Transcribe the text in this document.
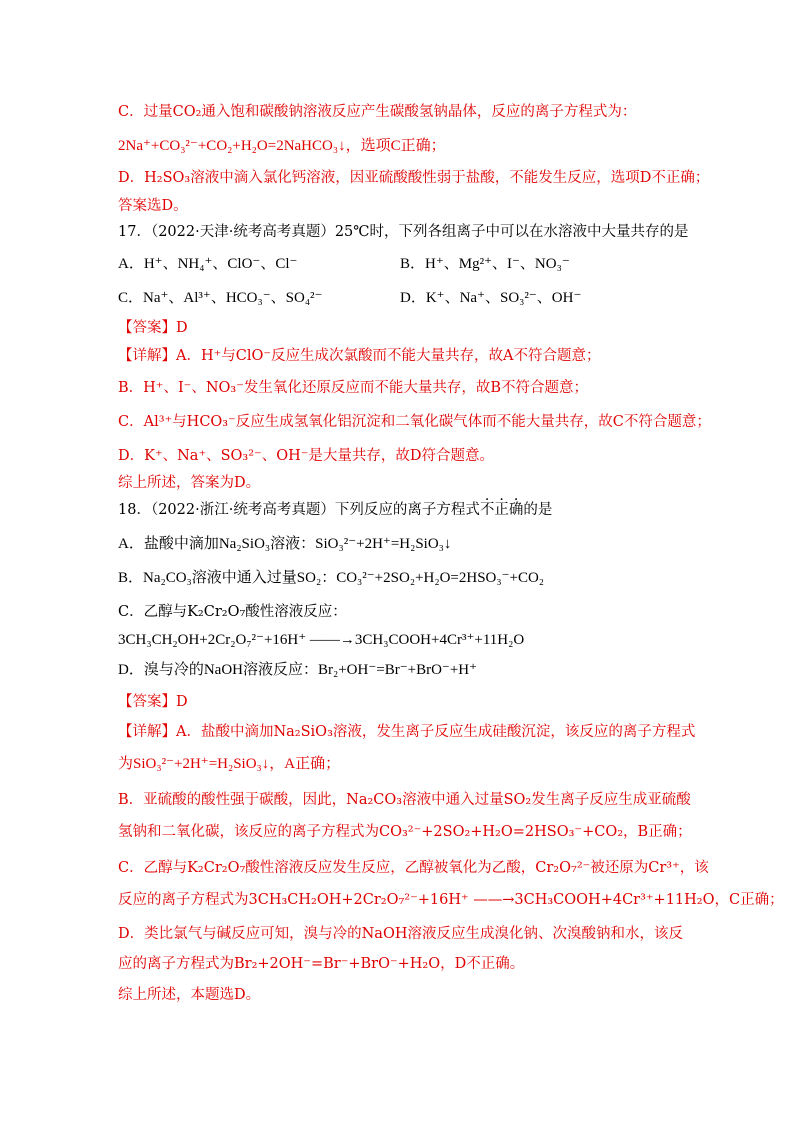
C．过量CO₂通入饱和碳酸钠溶液反应产生碳酸氢钠晶体，反应的离子方程式为：
2Na⁺+CO₃²⁻+CO₂+H₂O=2NaHCO₃↓，选项C正确；
D．H₂SO₃溶液中滴入氯化钙溶液，因亚硫酸酸性弱于盐酸，不能发生反应，选项D不正确；
答案选D。
17．（2022·天津·统考高考真题）25℃时，下列各组离子中可以在水溶液中大量共存的是
A．H⁺、NH₄⁺、ClO⁻、Cl⁻	B．H⁺、Mg²⁺、I⁻、NO₃⁻
C．Na⁺、Al³⁺、HCO₃⁻、SO₄²⁻	D．K⁺、Na⁺、SO₃²⁻、OH⁻
【答案】D
【详解】A．H⁺与ClO⁻反应生成次氯酸而不能大量共存，故A不符合题意；
B．H⁺、I⁻、NO₃⁻发生氧化还原反应而不能大量共存，故B不符合题意；
C．Al³⁺与HCO₃⁻反应生成氢氧化铝沉淀和二氧化碳气体而不能大量共存，故C不符合题意；
D．K⁺、Na⁺、SO₃²⁻、OH⁻是大量共存，故D符合题意。
综上所述，答案为D。
18．（2022·浙江·统考高考真题）下列反应的离子方程式不正确的是
A．盐酸中滴加Na₂SiO₃溶液：SiO₃²⁻+2H⁺=H₂SiO₃↓
B．Na₂CO₃溶液中通入过量SO₂：CO₃²⁻+2SO₂+H₂O=2HSO₃⁻+CO₂
C．乙醇与K₂Cr₂O₇酸性溶液反应：
3CH₃CH₂OH+2Cr₂O₇²⁻+16H⁺ ——→3CH₃COOH+4Cr³⁺+11H₂O
D．溴与冷的NaOH溶液反应：Br₂+OH⁻=Br⁻+BrO⁻+H⁺
【答案】D
【详解】A．盐酸中滴加Na₂SiO₃溶液，发生离子反应生成硅酸沉淀，该反应的离子方程式
为SiO₃²⁻+2H⁺=H₂SiO₃↓，A正确；
B．亚硫酸的酸性强于碳酸，因此，Na₂CO₃溶液中通入过量SO₂发生离子反应生成亚硫酸
氢钠和二氧化碳，该反应的离子方程式为CO₃²⁻+2SO₂+H₂O=2HSO₃⁻+CO₂，B正确；
C．乙醇与K₂Cr₂O₇酸性溶液反应发生反应，乙醇被氧化为乙酸，Cr₂O₇²⁻被还原为Cr³⁺，该
反应的离子方程式为3CH₃CH₂OH+2Cr₂O₇²⁻+16H⁺ ——→3CH₃COOH+4Cr³⁺+11H₂O，C正确；
D．类比氯气与碱反应可知，溴与冷的NaOH溶液反应生成溴化钠、次溴酸钠和水，该反
应的离子方程式为Br₂+2OH⁻=Br⁻+BrO⁻+H₂O，D不正确。
综上所述，本题选D。
